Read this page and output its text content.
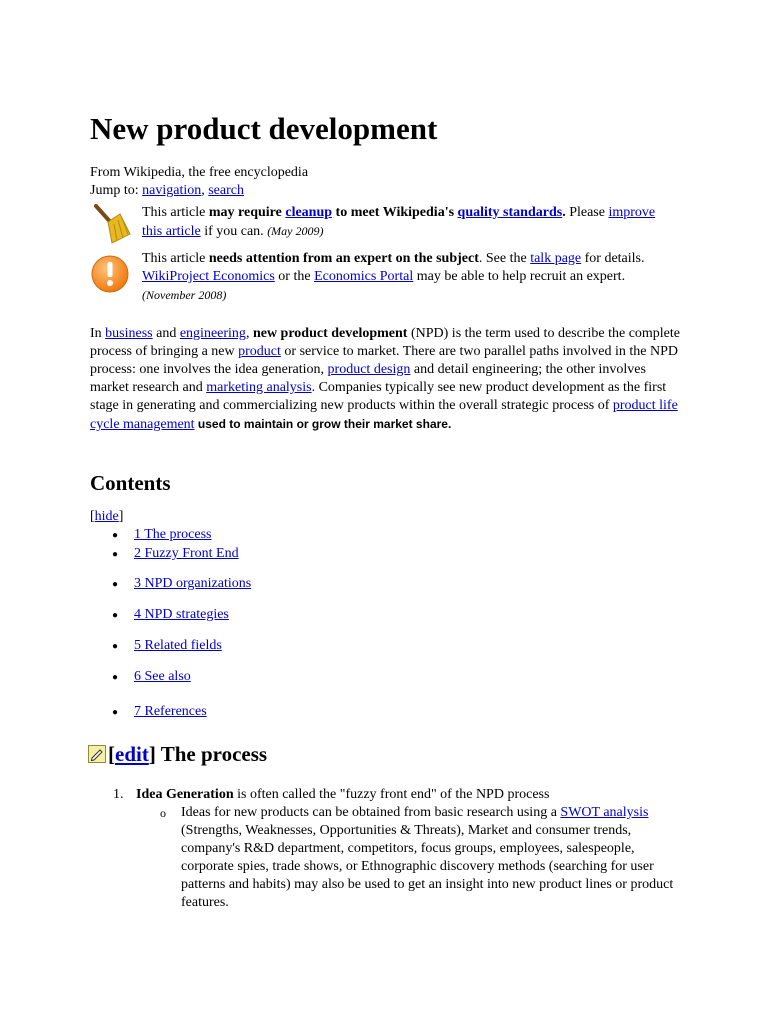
New product development
From Wikipedia, the free encyclopedia
Jump to: navigation, search
This article may require cleanup to meet Wikipedia's quality standards. Please improve this article if you can. (May 2009)
This article needs attention from an expert on the subject. See the talk page for details. WikiProject Economics or the Economics Portal may be able to help recruit an expert. (November 2008)

In business and engineering, new product development (NPD) is the term used to describe the complete process of bringing a new product or service to market. There are two parallel paths involved in the NPD process: one involves the idea generation, product design and detail engineering; the other involves market research and marketing analysis. Companies typically see new product development as the first stage in generating and commercializing new products within the overall strategic process of product life cycle management used to maintain or grow their market share.

Contents
[hide]
● 1 The process
● 2 Fuzzy Front End
● 3 NPD organizations
● 4 NPD strategies
● 5 Related fields
● 6 See also
● 7 References
[edit] The process
1. Idea Generation is often called the "fuzzy front end" of the NPD process
o Ideas for new products can be obtained from basic research using a SWOT analysis (Strengths, Weaknesses, Opportunities & Threats), Market and consumer trends, company's R&D department, competitors, focus groups, employees, salespeople, corporate spies, trade shows, or Ethnographic discovery methods (searching for user patterns and habits) may also be used to get an insight into new product lines or product features.
